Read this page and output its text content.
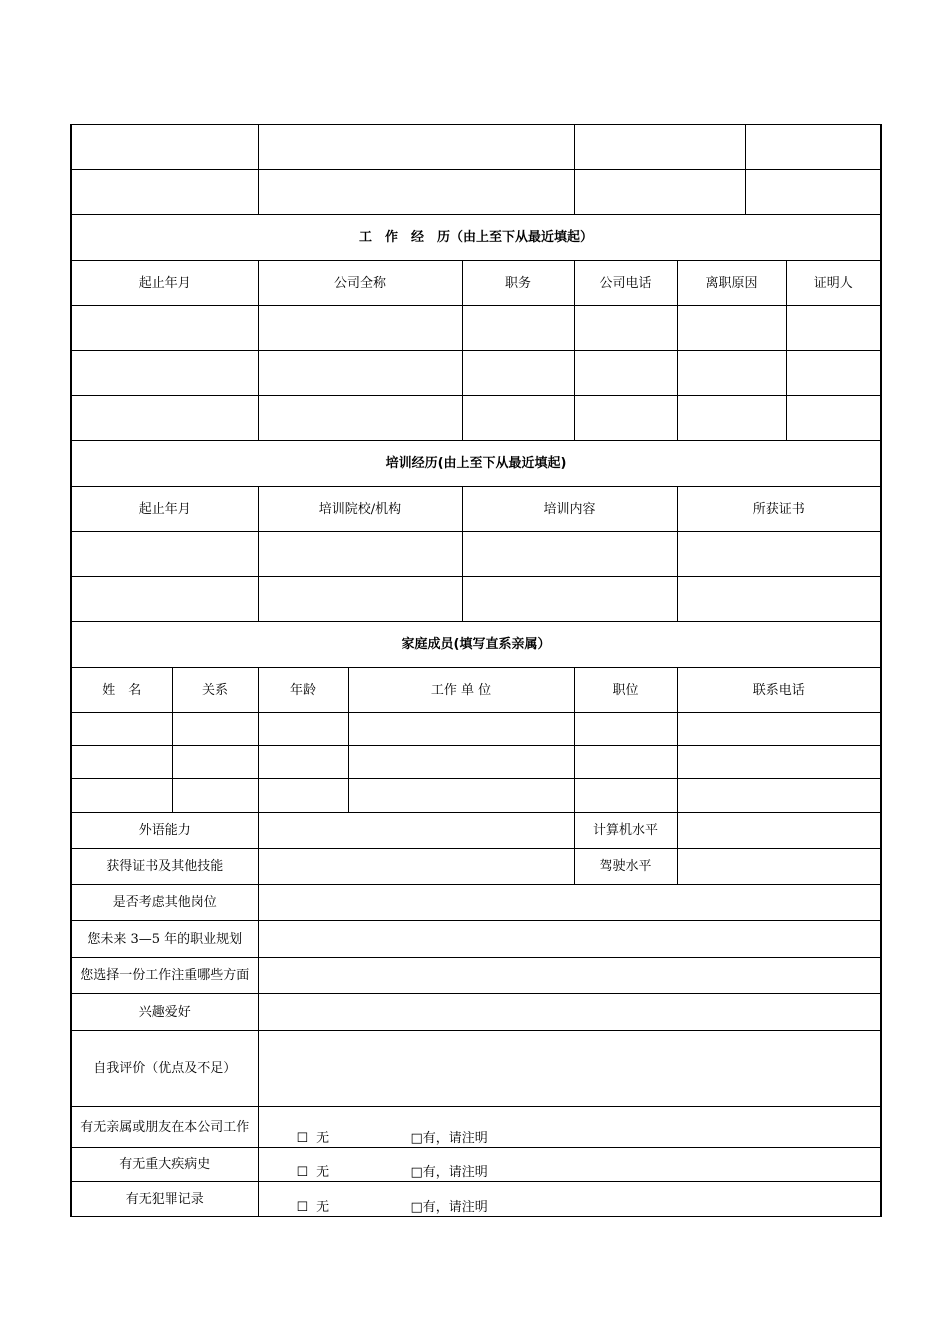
工　作　经　历（由上至下从最近填起）								
起止年月		公司全称		职务	公司电话	离职原因		证明人

培训经历(由上至下从最近填起)								
起止年月		培训院校/机构		培训内容		所获证书		

家庭成员(填写直系亲属）								
姓　名	关系	年龄	工作 单 位		职位	联系电话		

外语能力					计算机水平			
获得证书及其他技能					驾驶水平			
是否考虑其他岗位								
您未来 3—5 年的职业规划								
您选择一份工作注重哪些方面								
兴趣爱好								
自我评价（优点及不足）								
有无亲属或朋友在本公司工作		☐ 无 □有，请注明						
有无重大疾病史		☐ 无 □有，请注明						
有无犯罪记录		☐ 无 □有，请注明						
